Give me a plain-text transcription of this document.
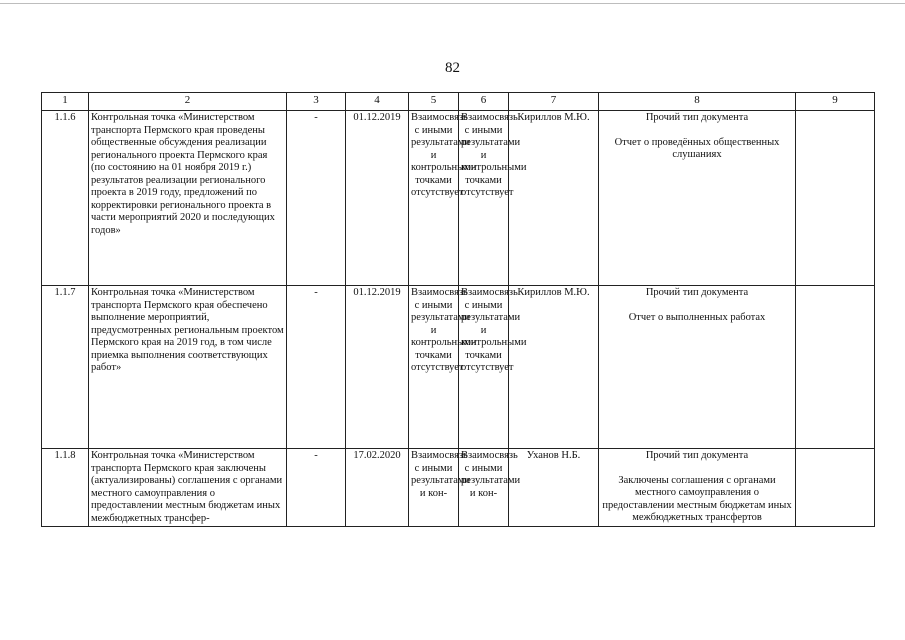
82
1	2	3	4	5	6	7	8	9
1.1.6	Контрольная точка «Министерством транспорта Пермского края проведены общественные обсуждения реализации регионального проекта Пермского края (по состоянию на 01 ноября 2019 г.) результатов реализации регионального проекта в 2019 году, предложений по корректировки регионального проекта в части мероприятий 2020 и последующих годов»	-	01.12.2019	Взаимосвязь с иными результатами и контрольными точками отсутствует	Взаимосвязь с иными результатами и контрольными точками отсутствует	Кириллов М.Ю.	Прочий тип документа
Отчет о проведённых общественных слушаниях	

1.1.7	Контрольная точка «Министерством транспорта Пермского края обеспечено выполнение мероприятий, предусмотренных региональным проектом Пермского края на 2019 год, в том числе приемка выполнения соответствующих работ»	-	01.12.2019	Взаимосвязь с иными результатами и контрольными точками отсутствует	Взаимосвязь с иными результатами и контрольными точками отсутствует	Кириллов М.Ю.	Прочий тип документа
Отчет о выполненных работах	

1.1.8	Контрольная точка «Министерством транспорта Пермского края заключены (актуализированы) соглашения с органами местного самоуправления о предоставлении местным бюджетам иных межбюджетных трансфер-	-	17.02.2020	Взаимосвязь с иными результатами и кон-	Взаимосвязь с иными результатами и кон-	Уханов Н.Б.	Прочий тип документа
Заключены соглашения с органами местного самоуправления о предоставлении местным бюджетам иных межбюджетных трансфертов	
